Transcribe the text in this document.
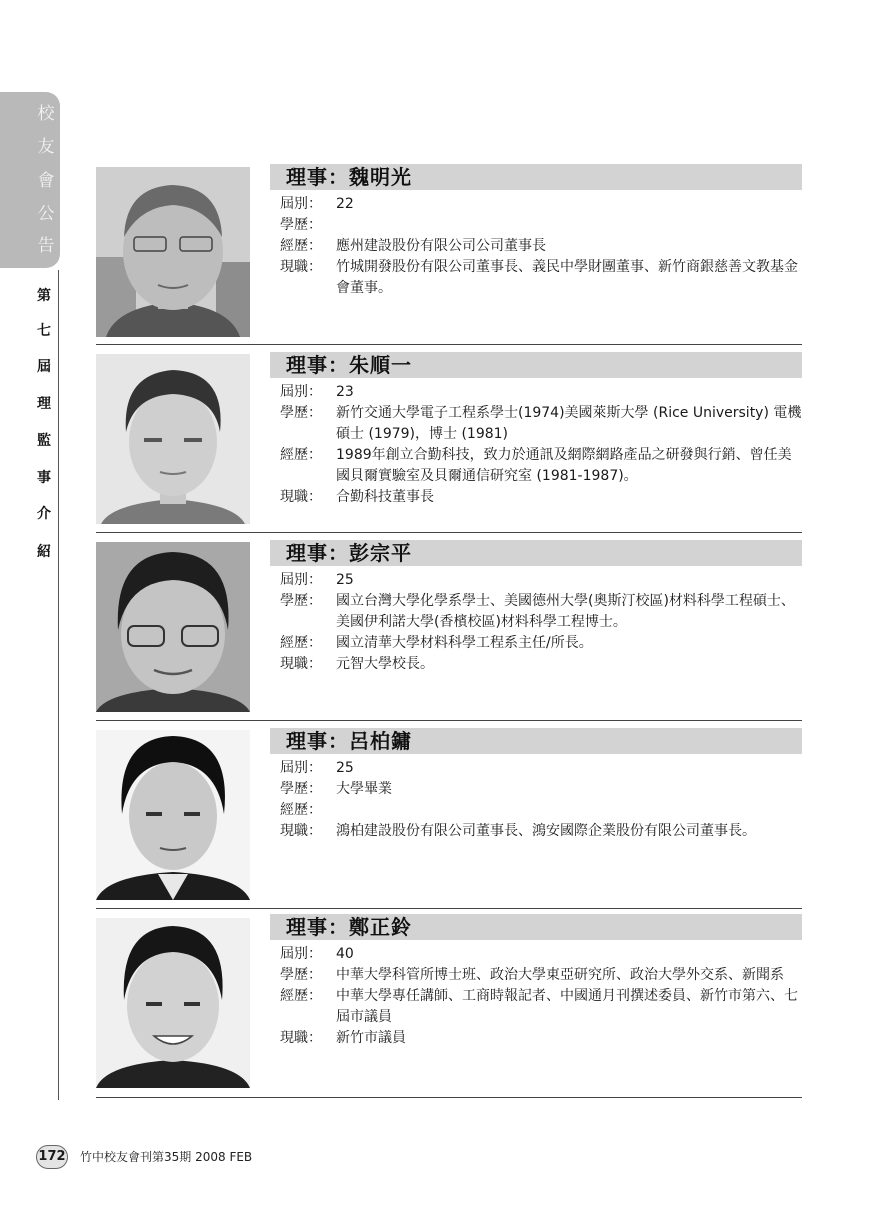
校
友
會
公
告
第
七
屆
理
監
事
介
紹
理事：魏明光
屆別：	22
學歷：
經歷：	應州建設股份有限公司公司董事長
現職：	竹城開發股份有限公司董事長、義民中學財團董事、新竹商銀慈善文教基金會董事。
理事：朱順一
屆別：	23
學歷：	新竹交通大學電子工程系學士(1974)美國萊斯大學 (Rice University) 電機碩士 (1979)，博士 (1981)
經歷：	1989年創立合勤科技，致力於通訊及網際網路產品之研發與行銷、曾任美國貝爾實驗室及貝爾通信研究室 (1981-1987)。
現職：	合勤科技董事長
理事：彭宗平
屆別：	25
學歷：	國立台灣大學化學系學士、美國德州大學(奧斯汀校區)材料科學工程碩士、美國伊利諾大學(香檳校區)材料科學工程博士。
經歷：	國立清華大學材料科學工程系主任/所長。
現職：	元智大學校長。
理事：呂柏鏞
屆別：	25
學歷：	大學畢業
經歷：
現職：	鴻柏建設股份有限公司董事長、鴻安國際企業股份有限公司董事長。
理事：鄭正鈴
屆別：	40
學歷：	中華大學科管所博士班、政治大學東亞研究所、政治大學外交系、新聞系
經歷：	中華大學專任講師、工商時報記者、中國通月刊撰述委員、新竹市第六、七屆市議員
現職：	新竹市議員
172 竹中校友會刊第35期 2008 FEB
